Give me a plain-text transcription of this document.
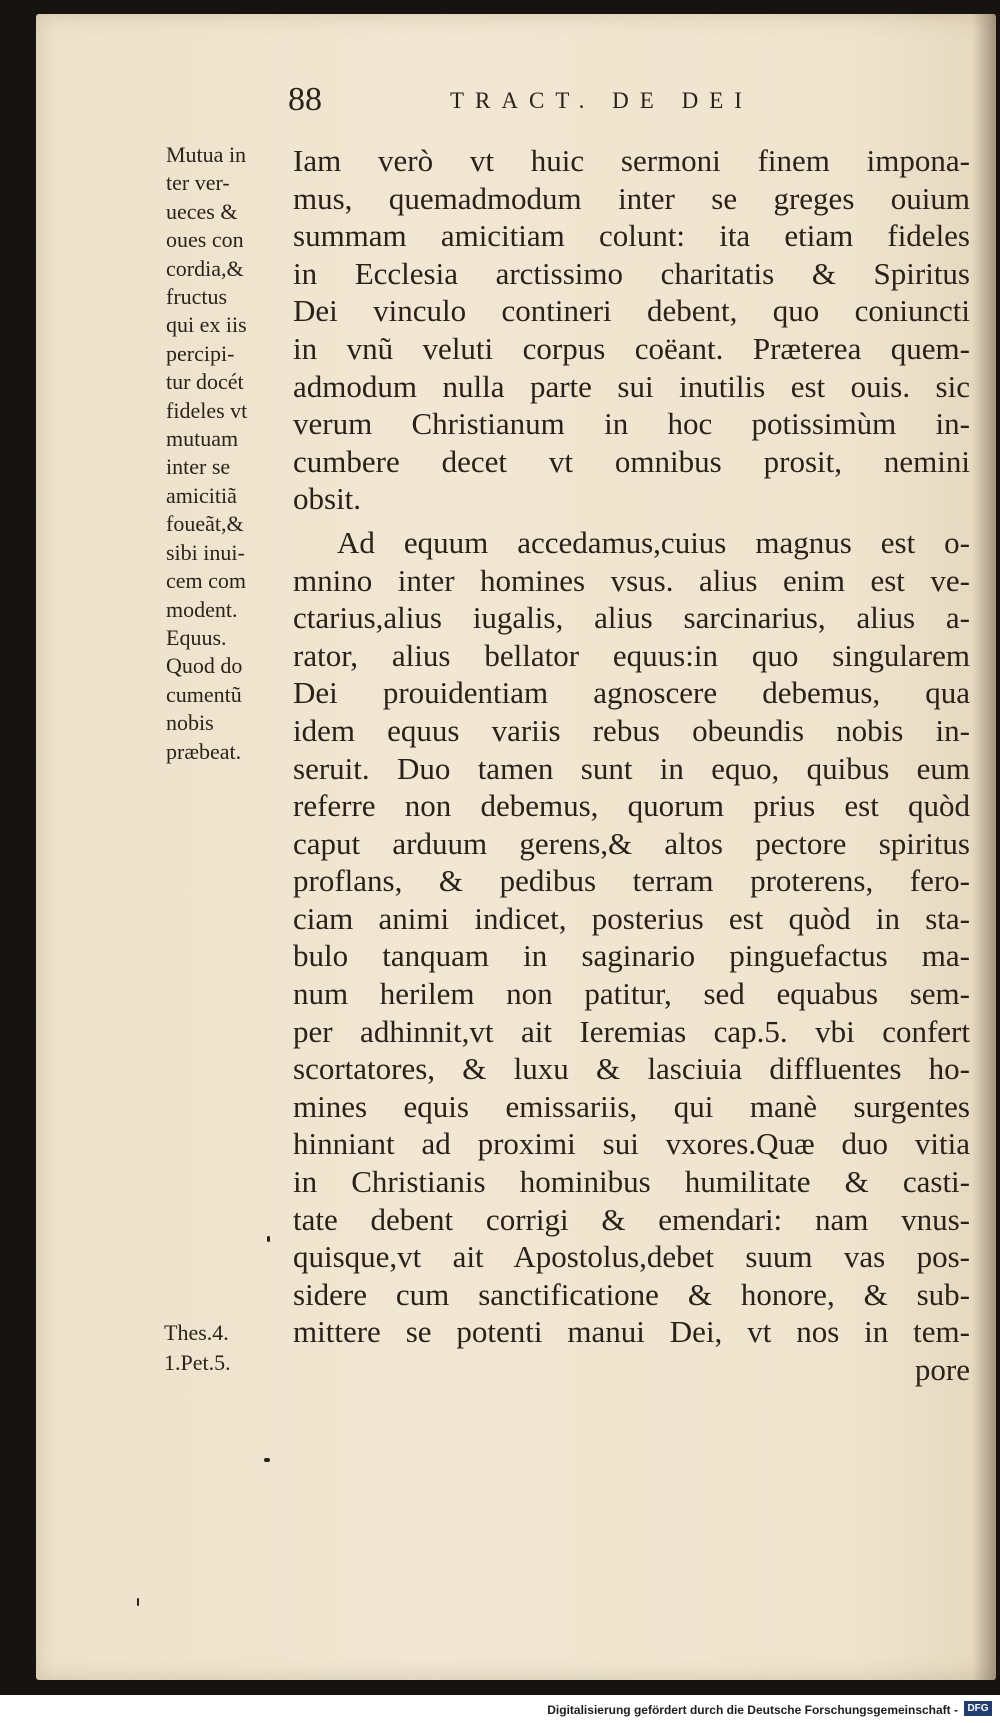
88	TRACT. DE DEI
Mutua in
ter ver-
ueces &
oues con
cordia,&
fructus
qui ex iis
percipi-
tur docét
fideles vt
mutuam
inter se
amicitiã
foueãt,&
sibi inui-
cem com
modent.
Equus.
Quod do
cumentũ
nobis
præbeat.
Thes.4.
1.Pet.5.
Iam verò vt huic sermoni finem impona-
mus, quemadmodum inter se greges ouium
summam amicitiam colunt: ita etiam fideles
in Ecclesia arctissimo charitatis & Spiritus
Dei vinculo contineri debent, quo coniuncti
in vnũ veluti corpus coëant. Præterea quem-
admodum nulla parte sui inutilis est ouis. sic
verum Christianum in hoc potissimùm in-
cumbere decet vt omnibus prosit, nemini
obsit.
Ad equum accedamus,cuius magnus est o-
mnino inter homines vsus. alius enim est ve-
ctarius,alius iugalis, alius sarcinarius, alius a-
rator, alius bellator equus:in quo singularem
Dei prouidentiam agnoscere debemus, qua
idem equus variis rebus obeundis nobis in-
seruit. Duo tamen sunt in equo, quibus eum
referre non debemus, quorum prius est quòd
caput arduum gerens,& altos pectore spiritus
proflans, & pedibus terram proterens, fero-
ciam animi indicet, posterius est quòd in sta-
bulo tanquam in saginario pinguefactus ma-
num herilem non patitur, sed equabus sem-
per adhinnit,vt ait Ieremias cap.5. vbi confert
scortatores, & luxu & lasciuia diffluentes ho-
mines equis emissariis, qui manè surgentes
hinniant ad proximi sui vxores.Quæ duo vitia
in Christianis hominibus humilitate & casti-
tate debent corrigi & emendari: nam vnus-
quisque,vt ait Apostolus,debet suum vas pos-
sidere cum sanctificatione & honore, & sub-
mittere se potenti manui Dei, vt nos in tem-
pore
Digitalisierung gefördert durch die Deutsche Forschungsgemeinschaft - DFG
